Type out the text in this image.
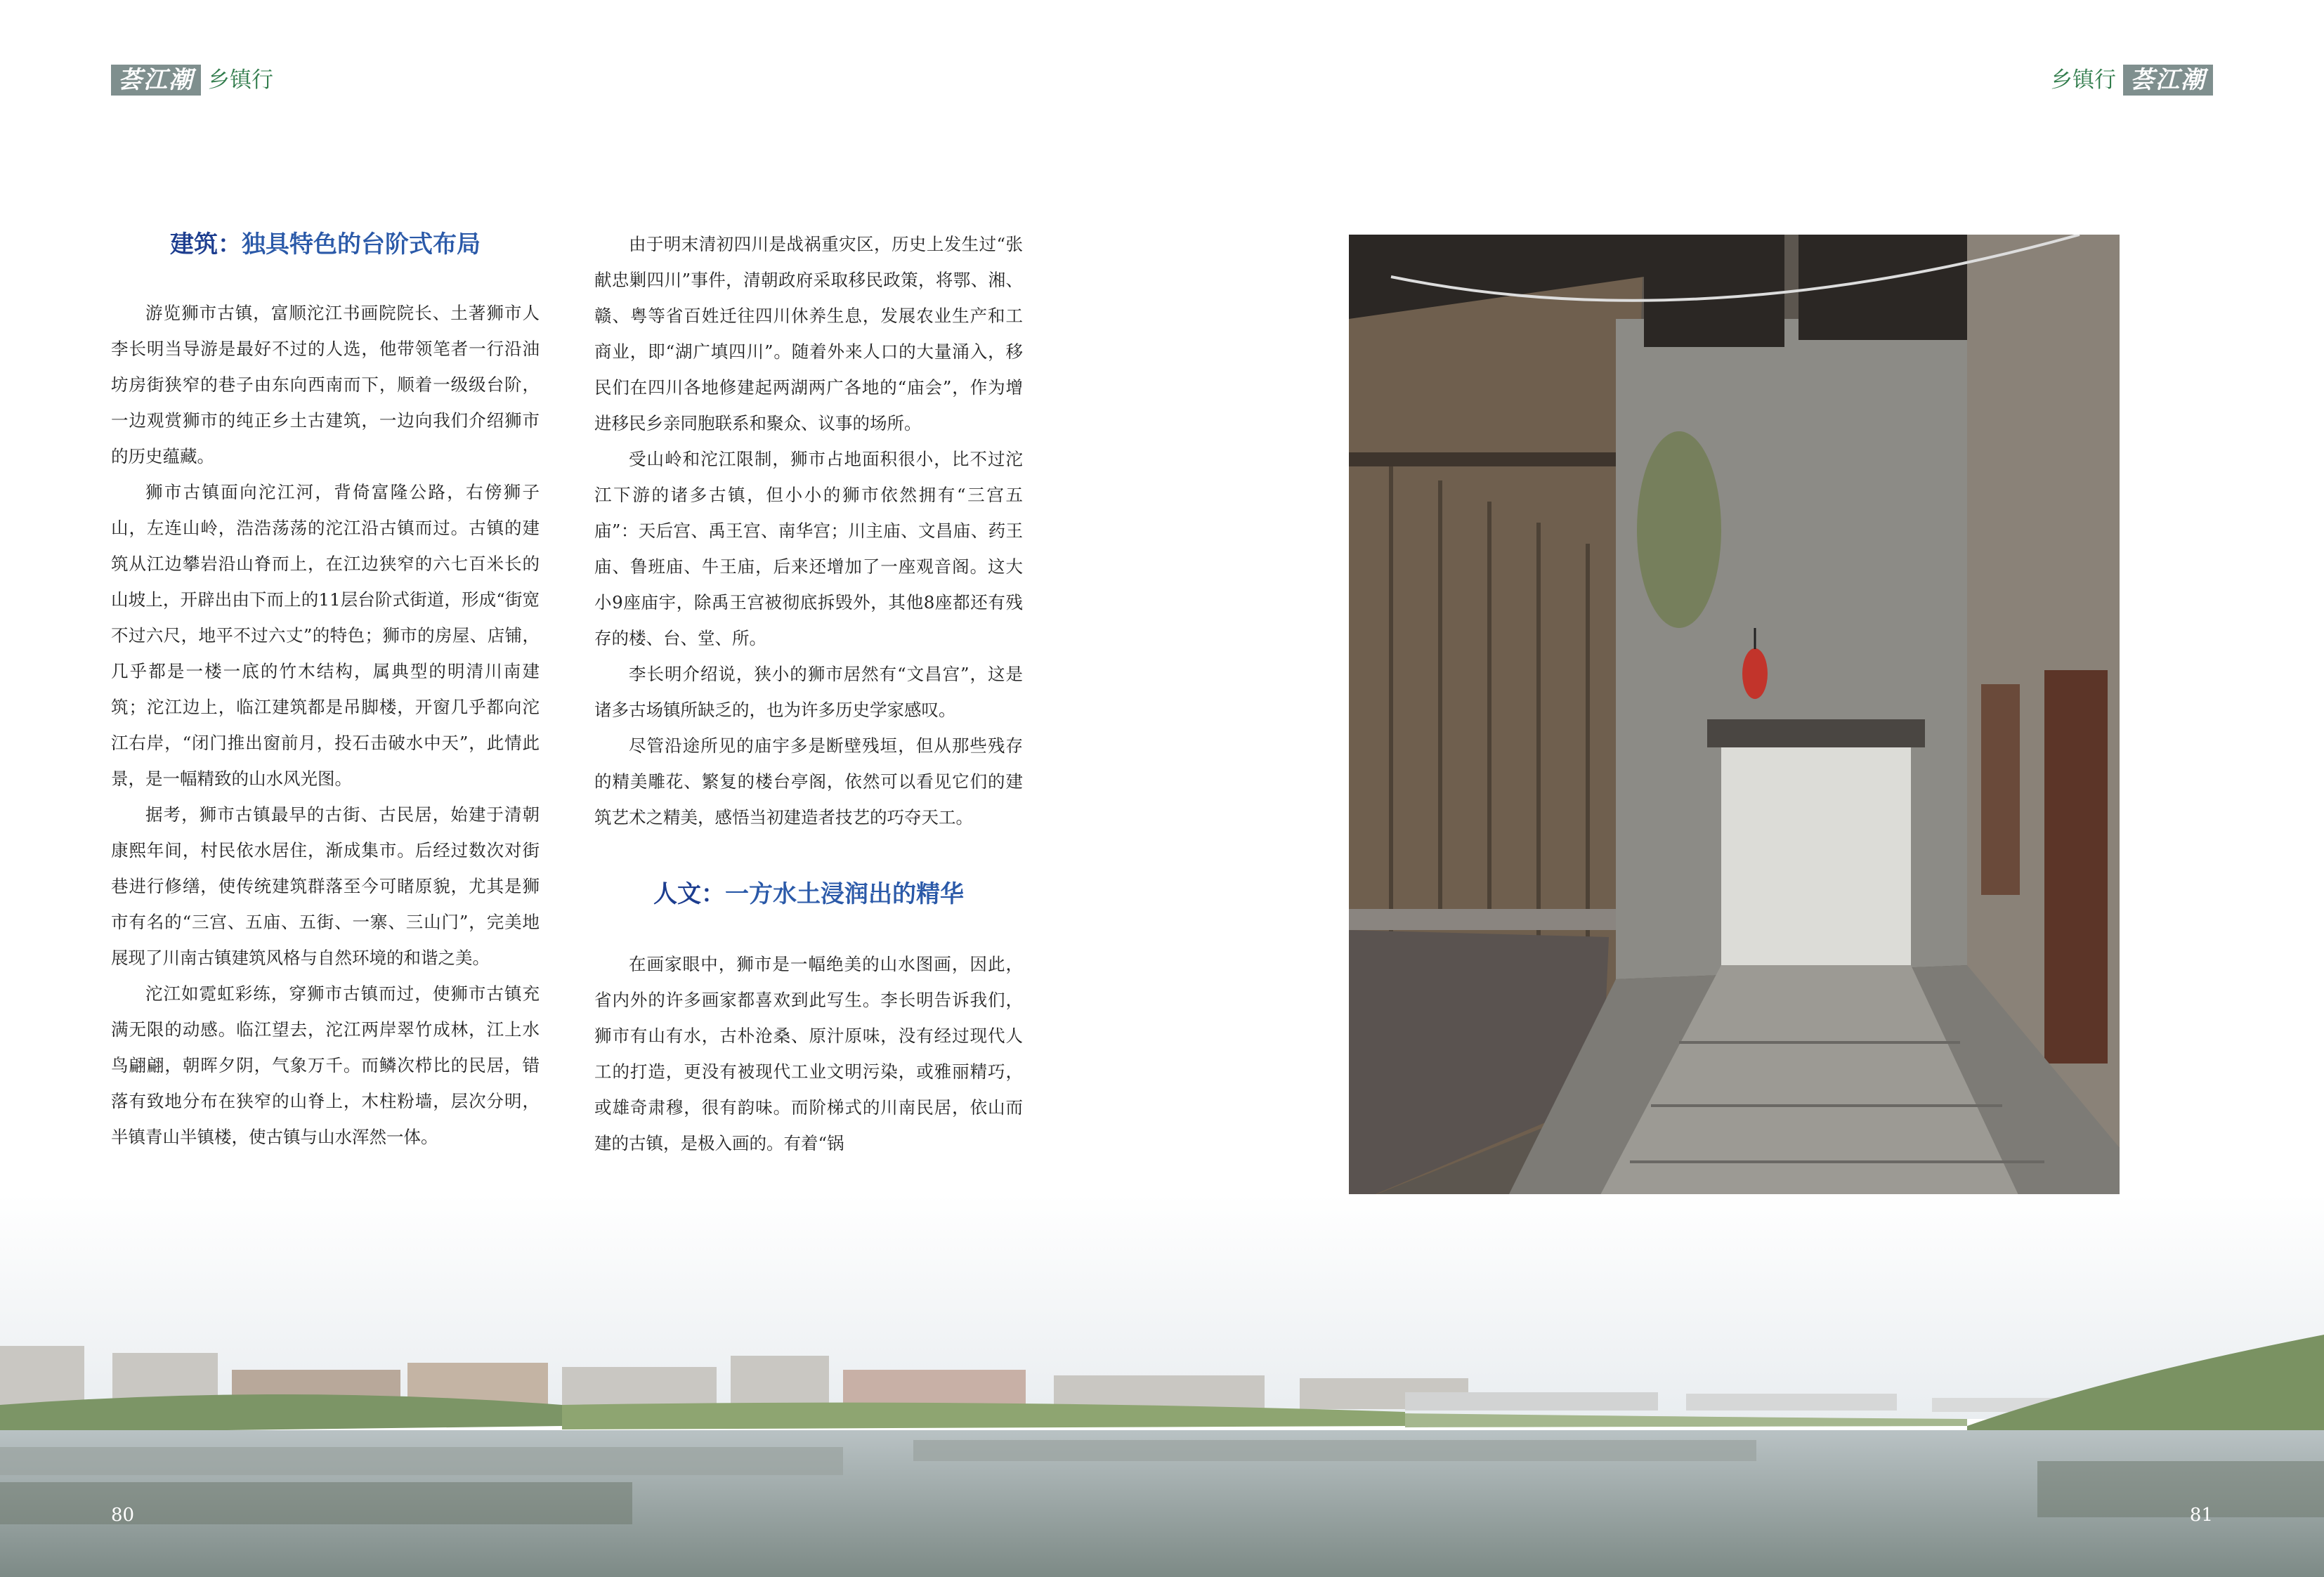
荟江潮 乡镇行	乡镇行 荟江潮
建筑：独具特色的台阶式布局

游览狮市古镇，富顺沱江书画院院长、土著狮市人李长明当导游是最好不过的人选，他带领笔者一行沿油坊房街狭窄的巷子由东向西南而下，顺着一级级台阶，一边观赏狮市的纯正乡土古建筑，一边向我们介绍狮市的历史蕴藏。

狮市古镇面向沱江河，背倚富隆公路，右傍狮子山，左连山岭，浩浩荡荡的沱江沿古镇而过。古镇的建筑从江边攀岩沿山脊而上，在江边狭窄的六七百米长的山坡上，开辟出由下而上的11层台阶式街道，形成“街宽不过六尺，地平不过六丈”的特色；狮市的房屋、店铺，几乎都是一楼一底的竹木结构，属典型的明清川南建筑；沱江边上，临江建筑都是吊脚楼，开窗几乎都向沱江右岸，“闭门推出窗前月，投石击破水中天”，此情此景，是一幅精致的山水风光图。

据考，狮市古镇最早的古街、古民居，始建于清朝康熙年间，村民依水居住，渐成集市。后经过数次对街巷进行修缮，使传统建筑群落至今可睹原貌，尤其是狮市有名的“三宫、五庙、五街、一寨、三山门”，完美地展现了川南古镇建筑风格与自然环境的和谐之美。

沱江如霓虹彩练，穿狮市古镇而过，使狮市古镇充满无限的动感。临江望去，沱江两岸翠竹成林，江上水鸟翩翩，朝晖夕阴，气象万千。而鳞次栉比的民居，错落有致地分布在狭窄的山脊上，木柱粉墙，层次分明，半镇青山半镇楼，使古镇与山水浑然一体。

由于明末清初四川是战祸重灾区，历史上发生过“张献忠剿四川”事件，清朝政府采取移民政策，将鄂、湘、赣、粤等省百姓迁往四川休养生息，发展农业生产和工商业，即“湖广填四川”。随着外来人口的大量涌入，移民们在四川各地修建起两湖两广各地的“庙会”，作为增进移民乡亲同胞联系和聚众、议事的场所。

受山岭和沱江限制，狮市占地面积很小，比不过沱江下游的诸多古镇，但小小的狮市依然拥有“三宫五庙”：天后宫、禹王宫、南华宫；川主庙、文昌庙、药王庙、鲁班庙、牛王庙，后来还增加了一座观音阁。这大小9座庙宇，除禹王宫被彻底拆毁外，其他8座都还有残存的楼、台、堂、所。

李长明介绍说，狭小的狮市居然有“文昌宫”，这是诸多古场镇所缺乏的，也为许多历史学家感叹。

尽管沿途所见的庙宇多是断壁残垣，但从那些残存的精美雕花、繁复的楼台亭阁，依然可以看见它们的建筑艺术之精美，感悟当初建造者技艺的巧夺天工。

人文：一方水土浸润出的精华

在画家眼中，狮市是一幅绝美的山水图画，因此，省内外的许多画家都喜欢到此写生。李长明告诉我们，狮市有山有水，古朴沧桑、原汁原味，没有经过现代人工的打造，更没有被现代工业文明污染，或雅丽精巧，或雄奇肃穆，很有韵味。而阶梯式的川南民居，依山而建的古镇，是极入画的。有着“锅

80	81
